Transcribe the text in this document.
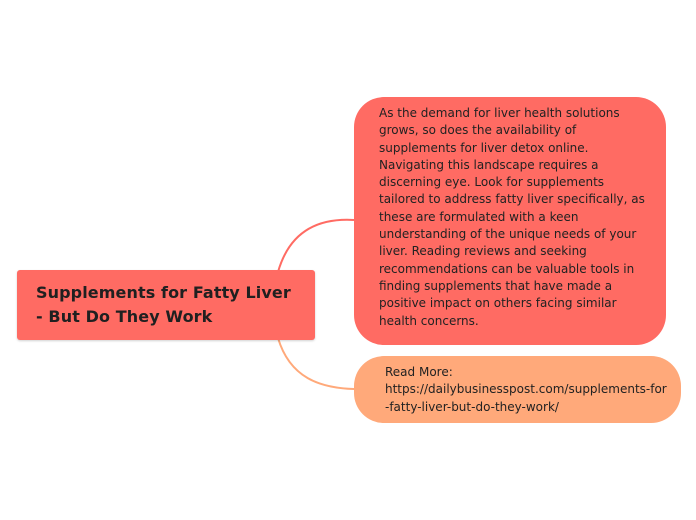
Supplements for Fatty Liver - But Do They Work
As the demand for liver health solutions grows, so does the availability of supplements for liver detox online. Navigating this landscape requires a discerning eye. Look for supplements tailored to address fatty liver specifically, as these are formulated with a keen understanding of the unique needs of your liver. Reading reviews and seeking recommendations can be valuable tools in finding supplements that have made a positive impact on others facing similar health concerns.
Read More:
https://dailybusinesspost.com/supplements-for-fatty-liver-but-do-they-work/
